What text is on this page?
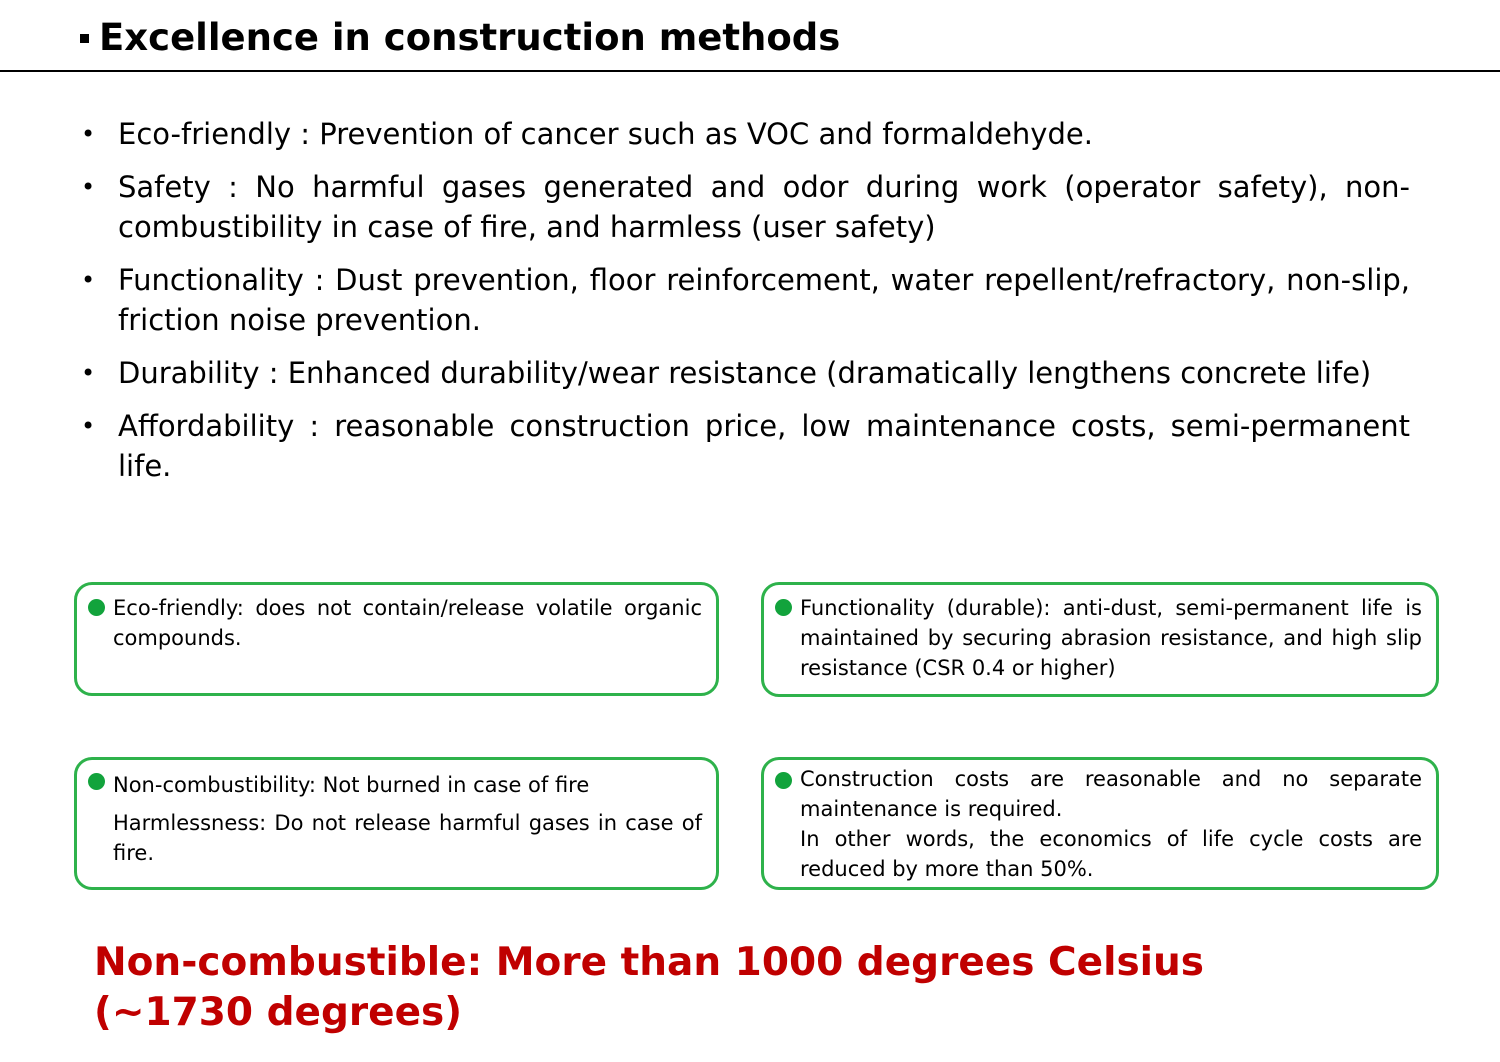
Excellence in construction methods
• Eco-friendly : Prevention of cancer such as VOC and formaldehyde.
• Safety : No harmful gases generated and odor during work (operator safety), non-combustibility in case of fire, and harmless (user safety)
• Functionality : Dust prevention, floor reinforcement, water repellent/refractory, non-slip, friction noise prevention.
• Durability : Enhanced durability/wear resistance (dramatically lengthens concrete life)
• Affordability : reasonable construction price, low maintenance costs, semi-permanent life.

Eco-friendly: does not contain/release volatile organic compounds.

Functionality (durable): anti-dust, semi-permanent life is maintained by securing abrasion resistance, and high slip resistance (CSR 0.4 or higher)

Non-combustibility: Not burned in case of fire

Harmlessness: Do not release harmful gases in case of fire.

Construction costs are reasonable and no separate maintenance is required.

In other words, the economics of life cycle costs are reduced by more than 50%.

Non-combustible: More than 1000 degrees Celsius (~1730 degrees)
